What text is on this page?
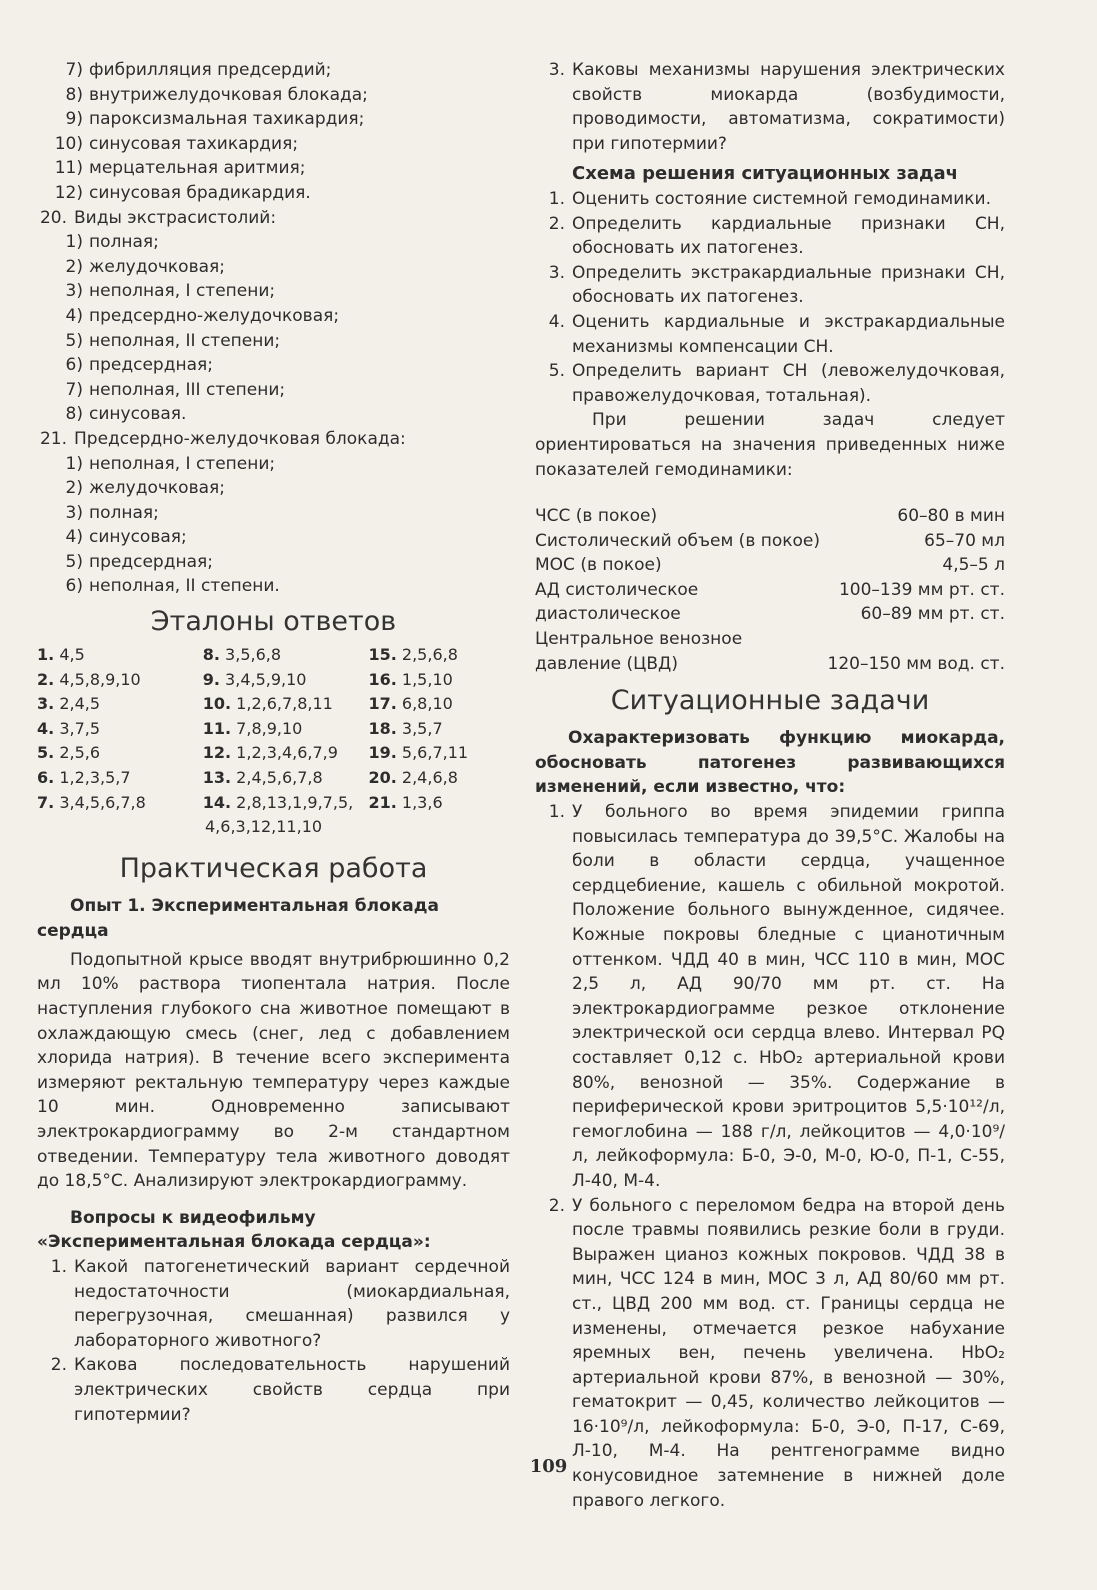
7) фибрилляция предсердий;
8) внутрижелудочковая блокада;
9) пароксизмальная тахикардия;
10) синусовая тахикардия;
11) мерцательная аритмия;
12) синусовая брадикардия.
20. Виды экстрасистолий:
1) полная;
2) желудочковая;
3) неполная, I степени;
4) предсердно-желудочковая;
5) неполная, II степени;
6) предсердная;
7) неполная, III степени;
8) синусовая.
21. Предсердно-желудочковая блокада:
1) неполная, I степени;
2) желудочковая;
3) полная;
4) синусовая;
5) предсердная;
6) неполная, II степени.
Эталоны ответов
1. 4,5	8. 3,5,6,8	15. 2,5,6,8
2. 4,5,8,9,10	9. 3,4,5,9,10	16. 1,5,10
3. 2,4,5	10. 1,2,6,7,8,11	17. 6,8,10
4. 3,7,5	11. 7,8,9,10	18. 3,5,7
5. 2,5,6	12. 1,2,3,4,6,7,9	19. 5,6,7,11
6. 1,2,3,5,7	13. 2,4,5,6,7,8	20. 2,4,6,8
7. 3,4,5,6,7,8	14. 2,8,13,1,9,7,5, 21. 1,3,6
4,6,3,12,11,10
Практическая работа
Опыт 1. Экспериментальная блокада сердца

Подопытной крысе вводят внутрибрюшинно 0,2 мл 10% раствора тиопентала натрия. После наступления глубокого сна животное помещают в охлаждающую смесь (снег, лед с добавлением хлорида натрия). В течение всего эксперимента измеряют ректальную температуру через каждые 10 мин. Одновременно записывают электрокардиограмму во 2-м стандартном отведении. Температуру тела животного доводят до 18,5°С. Анализируют электрокардиограмму.

Вопросы к видеофильму «Экспериментальная блокада сердца»:
1. Какой патогенетический вариант сердечной недостаточности (миокардиальная, перегрузочная, смешанная) развился у лабораторного животного?
2. Какова последовательность нарушений электрических свойств сердца при гипотермии?
3. Каковы механизмы нарушения электрических свойств миокарда (возбудимости, проводимости, автоматизма, сократимости) при гипотермии?
Схема решения ситуационных задач
1. Оценить состояние системной гемодинамики.
2. Определить кардиальные признаки СН, обосновать их патогенез.
3. Определить экстракардиальные признаки СН, обосновать их патогенез.
4. Оценить кардиальные и экстракардиальные механизмы компенсации СН.
5. Определить вариант СН (левожелудочковая, правожелудочковая, тотальная).

При решении задач следует ориентироваться на значения приведенных ниже показателей гемодинамики:

ЧСС (в покое)	60–80 в мин
Систолический объем (в покое)	65–70 мл
МОС (в покое)	4,5–5 л
АД систолическое	100–139 мм рт. ст.
диастолическое	60–89 мм рт. ст.
Центральное венозное
давление (ЦВД)	120–150 мм вод. ст.
Ситуационные задачи

Охарактеризовать функцию миокарда, обосновать патогенез развивающихся изменений, если известно, что:

1. У больного во время эпидемии гриппа повысилась температура до 39,5°С. Жалобы на боли в области сердца, учащенное сердцебиение, кашель с обильной мокротой. Положение больного вынужденное, сидячее. Кожные покровы бледные с цианотичным оттенком. ЧДД 40 в мин, ЧСС 110 в мин, МОС 2,5 л, АД 90/70 мм рт. ст. На электрокардиограмме резкое отклонение электрической оси сердца влево. Интервал PQ составляет 0,12 с. HbO₂ артериальной крови 80%, венозной — 35%. Содержание в периферической крови эритроцитов 5,5·10¹²/л, гемоглобина — 188 г/л, лейкоцитов — 4,0·10⁹/л, лейкоформула: Б-0, Э-0, М-0, Ю-0, П-1, С-55, Л-40, М-4.
2. У больного с переломом бедра на второй день после травмы появились резкие боли в груди. Выражен цианоз кожных покровов. ЧДД 38 в мин, ЧСС 124 в мин, МОС 3 л, АД 80/60 мм рт. ст., ЦВД 200 мм вод. ст. Границы сердца не изменены, отмечается резкое набухание яремных вен, печень увеличена. HbO₂ артериальной крови 87%, в венозной — 30%, гематокрит — 0,45, количество лейкоцитов — 16·10⁹/л, лейкоформула: Б-0, Э-0, П-17, С-69, Л-10, М-4. На рентгенограмме видно конусовидное затемнение в нижней доле правого легкого.
109
